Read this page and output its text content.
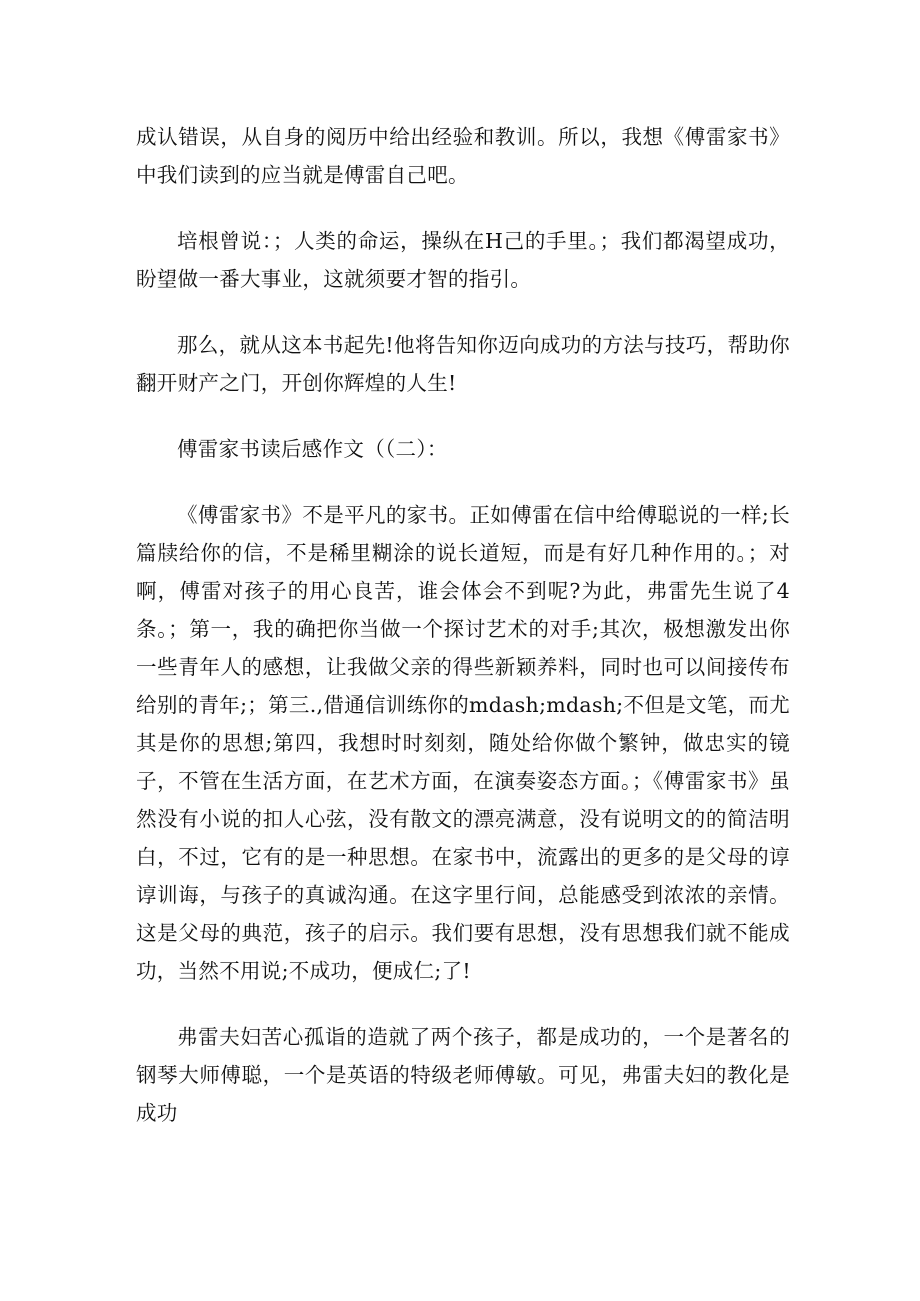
成认错误，从自身的阅历中给出经验和教训。所以，我想《傅雷家书》中我们读到的应当就是傅雷自己吧。

培根曾说：；人类的命运，操纵在H己的手里。；我们都渴望成功，盼望做一番大事业，这就须要才智的指引。

那么，就从这本书起先!他将告知你迈向成功的方法与技巧，帮助你翻开财产之门，开创你辉煌的人生!

傅雷家书读后感作文（（二）：

《傅雷家书》不是平凡的家书。正如傅雷在信中给傅聪说的一样;长篇牍给你的信，不是稀里糊涂的说长道短，而是有好几种作用的。；对啊，傅雷对孩子的用心良苦，谁会体会不到呢?为此，弗雷先生说了4条。；第一，我的确把你当做一个探讨艺术的对手;其次，极想激发出你一些青年人的感想，让我做父亲的得些新颖养料，同时也可以间接传布给别的青年;；第三.,借通信训练你的mdash;mdash;不但是文笔，而尤其是你的思想;第四，我想时时刻刻，随处给你做个繁钟，做忠实的镜子，不管在生活方面，在艺术方面，在演奏姿态方面。；《傅雷家书》虽然没有小说的扣人心弦，没有散文的漂亮满意，没有说明文的的简洁明白，不过，它有的是一种思想。在家书中，流露出的更多的是父母的谆谆训诲，与孩子的真诚沟通。在这字里行间，总能感受到浓浓的亲情。这是父母的典范，孩子的启示。我们要有思想，没有思想我们就不能成功，当然不用说;不成功，便成仁;了!

弗雷夫妇苦心孤诣的造就了两个孩子，都是成功的，一个是著名的钢琴大师傅聪，一个是英语的特级老师傅敏。可见，弗雷夫妇的教化是成功
